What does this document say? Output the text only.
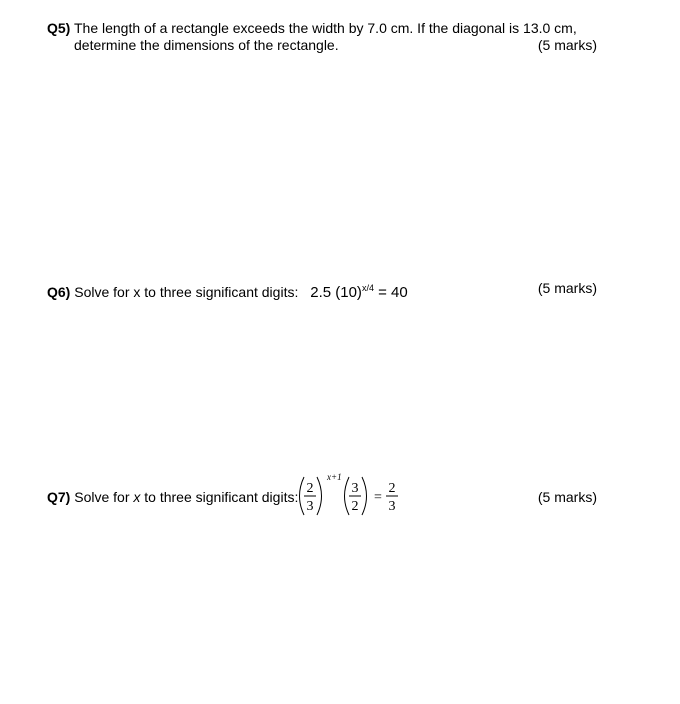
Q5) The length of a rectangle exceeds the width by 7.0 cm. If the diagonal is 13.0 cm,
determine the dimensions of the rectangle.	(5 marks)
Q6) Solve for x to three significant digits: 2.5 $(10)^{x/4} = 40$	(5 marks)
Q7) Solve for x to three significant digits:
2
3
x+1
3
2
=
2
3
(5 marks)
